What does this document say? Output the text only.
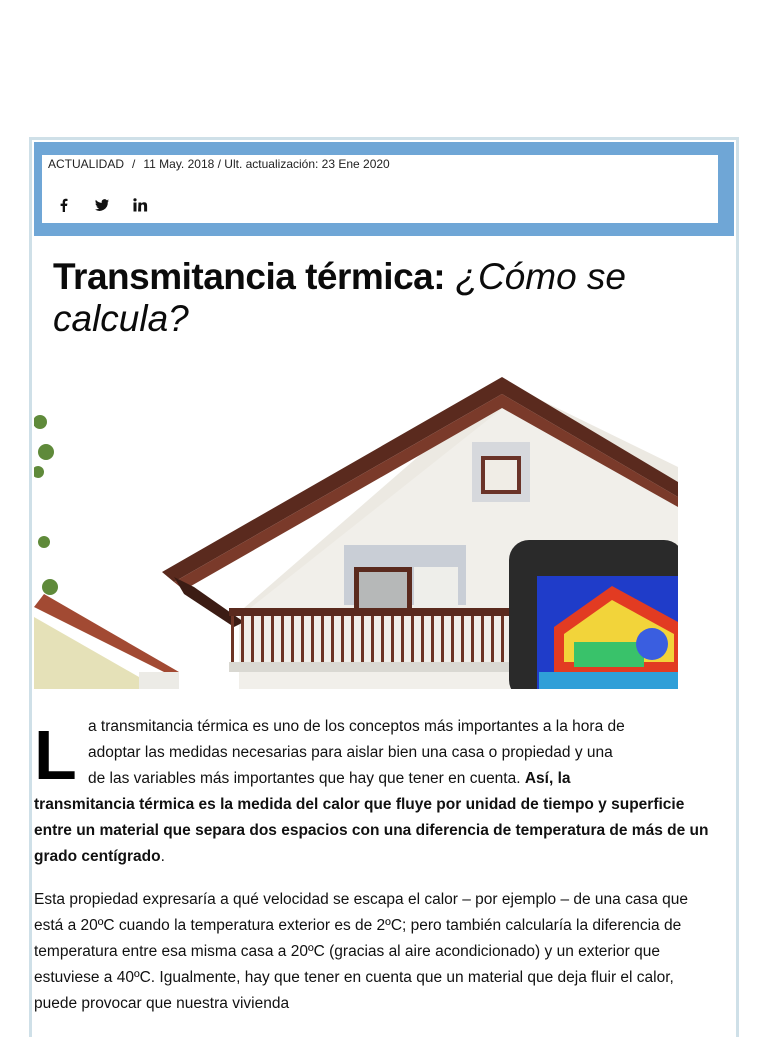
ACTUALIDAD / 11 May. 2018 / Ult. actualización: 23 Ene 2020
Transmitancia térmica: ¿Cómo se calcula?
L a transmitancia térmica es uno de los conceptos más importantes a la hora de
adoptar las medidas necesarias para aislar bien una casa o propiedad y una
de las variables más importantes que hay que tener en cuenta. Así, la
transmitancia térmica es la medida del calor que fluye por unidad de tiempo y superficie entre un material que separa dos espacios con una diferencia de temperatura de más de un grado centígrado.
Esta propiedad expresaría a qué velocidad se escapa el calor – por ejemplo – de una casa que está a 20ºC cuando la temperatura exterior es de 2ºC; pero también calcularía la diferencia de temperatura entre esa misma casa a 20ºC (gracias al aire acondicionado) y un exterior que estuviese a 40ºC. Igualmente, hay que tener en cuenta que un material que deja fluir el calor, puede provocar que nuestra vivienda
